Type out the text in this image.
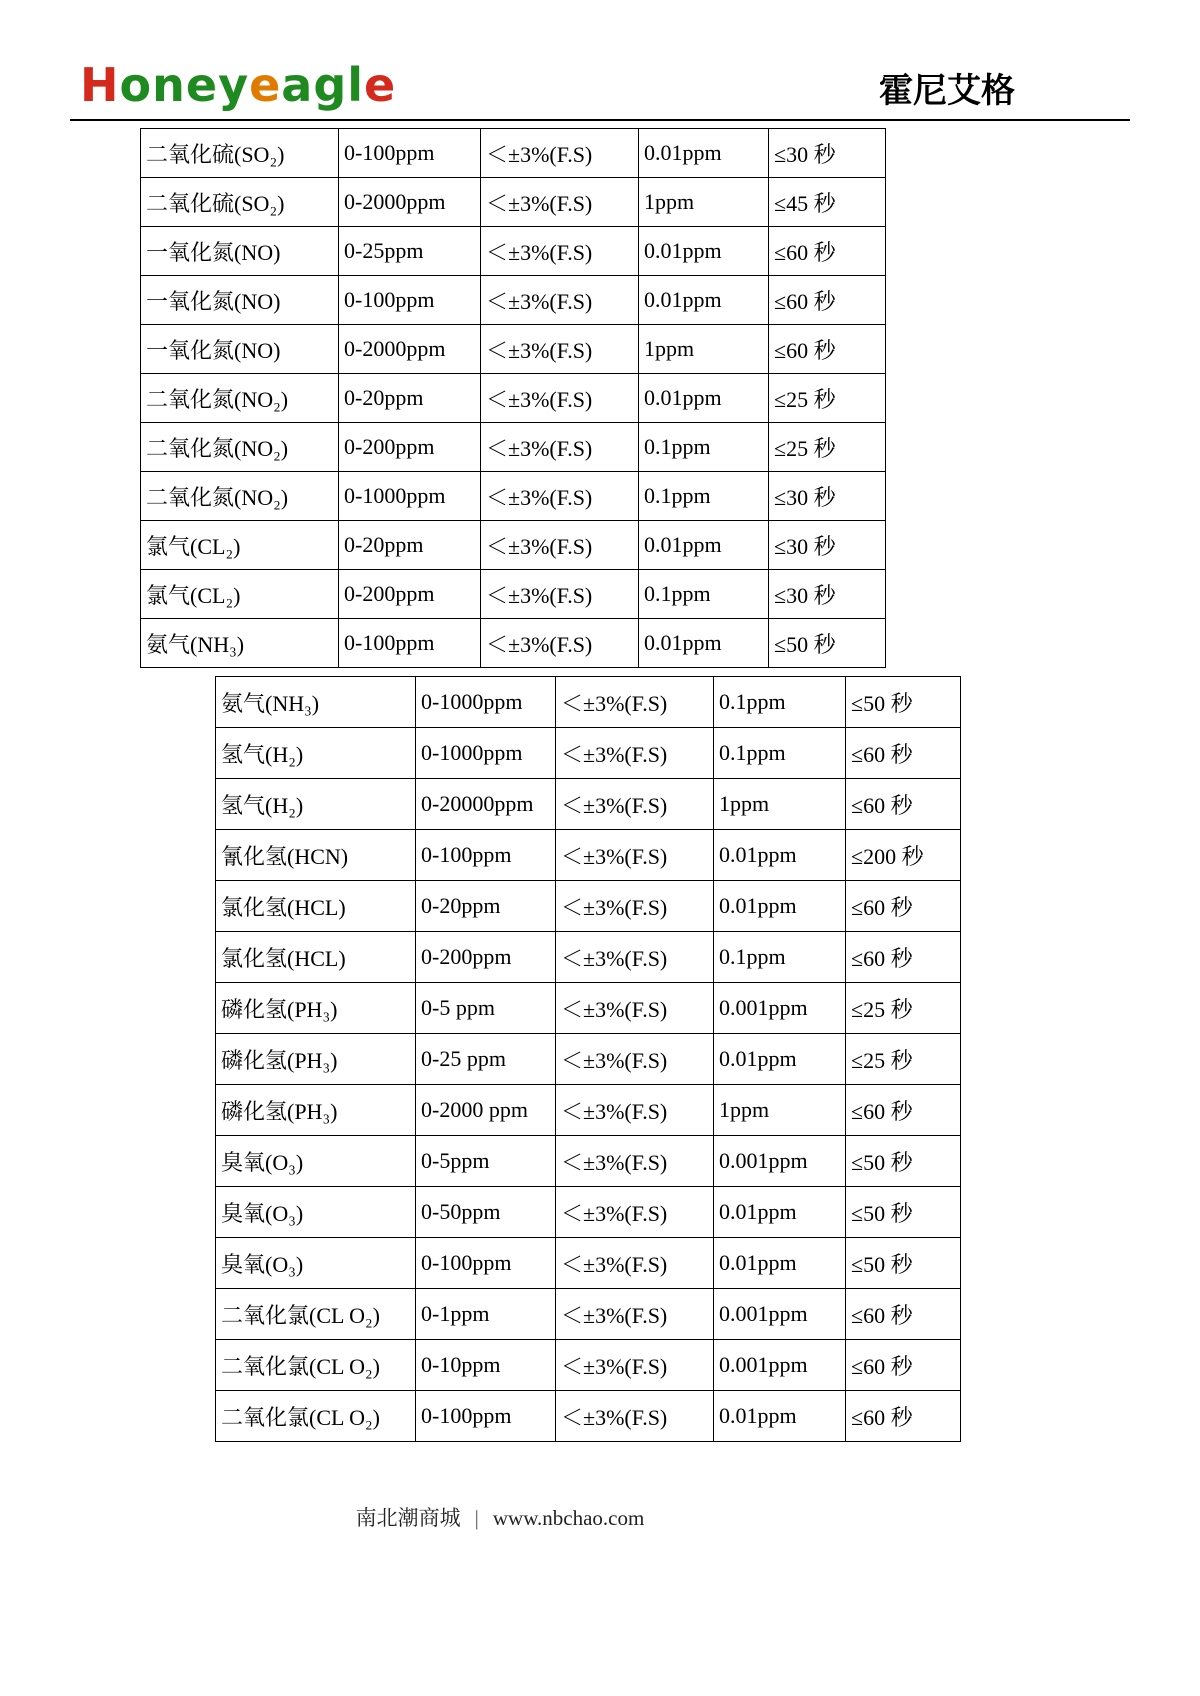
Honeyeagle	霍尼艾格
二氧化硫(SO₂)	0-100ppm	＜±3%(F.S)	0.01ppm	≤30 秒
二氧化硫(SO₂)	0-2000ppm	＜±3%(F.S)	1ppm	≤45 秒
一氧化氮(NO)	0-25ppm	＜±3%(F.S)	0.01ppm	≤60 秒
一氧化氮(NO)	0-100ppm	＜±3%(F.S)	0.01ppm	≤60 秒
一氧化氮(NO)	0-2000ppm	＜±3%(F.S)	1ppm	≤60 秒
二氧化氮(NO₂)	0-20ppm	＜±3%(F.S)	0.01ppm	≤25 秒
二氧化氮(NO₂)	0-200ppm	＜±3%(F.S)	0.1ppm	≤25 秒
二氧化氮(NO₂)	0-1000ppm	＜±3%(F.S)	0.1ppm	≤30 秒
氯气(CL₂)	0-20ppm	＜±3%(F.S)	0.01ppm	≤30 秒
氯气(CL₂)	0-200ppm	＜±3%(F.S)	0.1ppm	≤30 秒
氨气(NH₃)	0-100ppm	＜±3%(F.S)	0.01ppm	≤50 秒
氨气(NH₃)	0-1000ppm	＜±3%(F.S)	0.1ppm	≤50 秒
氢气(H₂)	0-1000ppm	＜±3%(F.S)	0.1ppm	≤60 秒
氢气(H₂)	0-20000ppm	＜±3%(F.S)	1ppm	≤60 秒
氰化氢(HCN)	0-100ppm	＜±3%(F.S)	0.01ppm	≤200 秒
氯化氢(HCL)	0-20ppm	＜±3%(F.S)	0.01ppm	≤60 秒
氯化氢(HCL)	0-200ppm	＜±3%(F.S)	0.1ppm	≤60 秒
磷化氢(PH₃)	0-5 ppm	＜±3%(F.S)	0.001ppm	≤25 秒
磷化氢(PH₃)	0-25 ppm	＜±3%(F.S)	0.01ppm	≤25 秒
磷化氢(PH₃)	0-2000 ppm	＜±3%(F.S)	1ppm	≤60 秒
臭氧(O₃)	0-5ppm	＜±3%(F.S)	0.001ppm	≤50 秒
臭氧(O₃)	0-50ppm	＜±3%(F.S)	0.01ppm	≤50 秒
臭氧(O₃)	0-100ppm	＜±3%(F.S)	0.01ppm	≤50 秒
二氧化氯(CL O₂)	0-1ppm	＜±3%(F.S)	0.001ppm	≤60 秒
二氧化氯(CL O₂)	0-10ppm	＜±3%(F.S)	0.001ppm	≤60 秒
二氧化氯(CL O₂)	0-100ppm	＜±3%(F.S)	0.01ppm	≤60 秒
南北潮商城 | www.nbchao.com
